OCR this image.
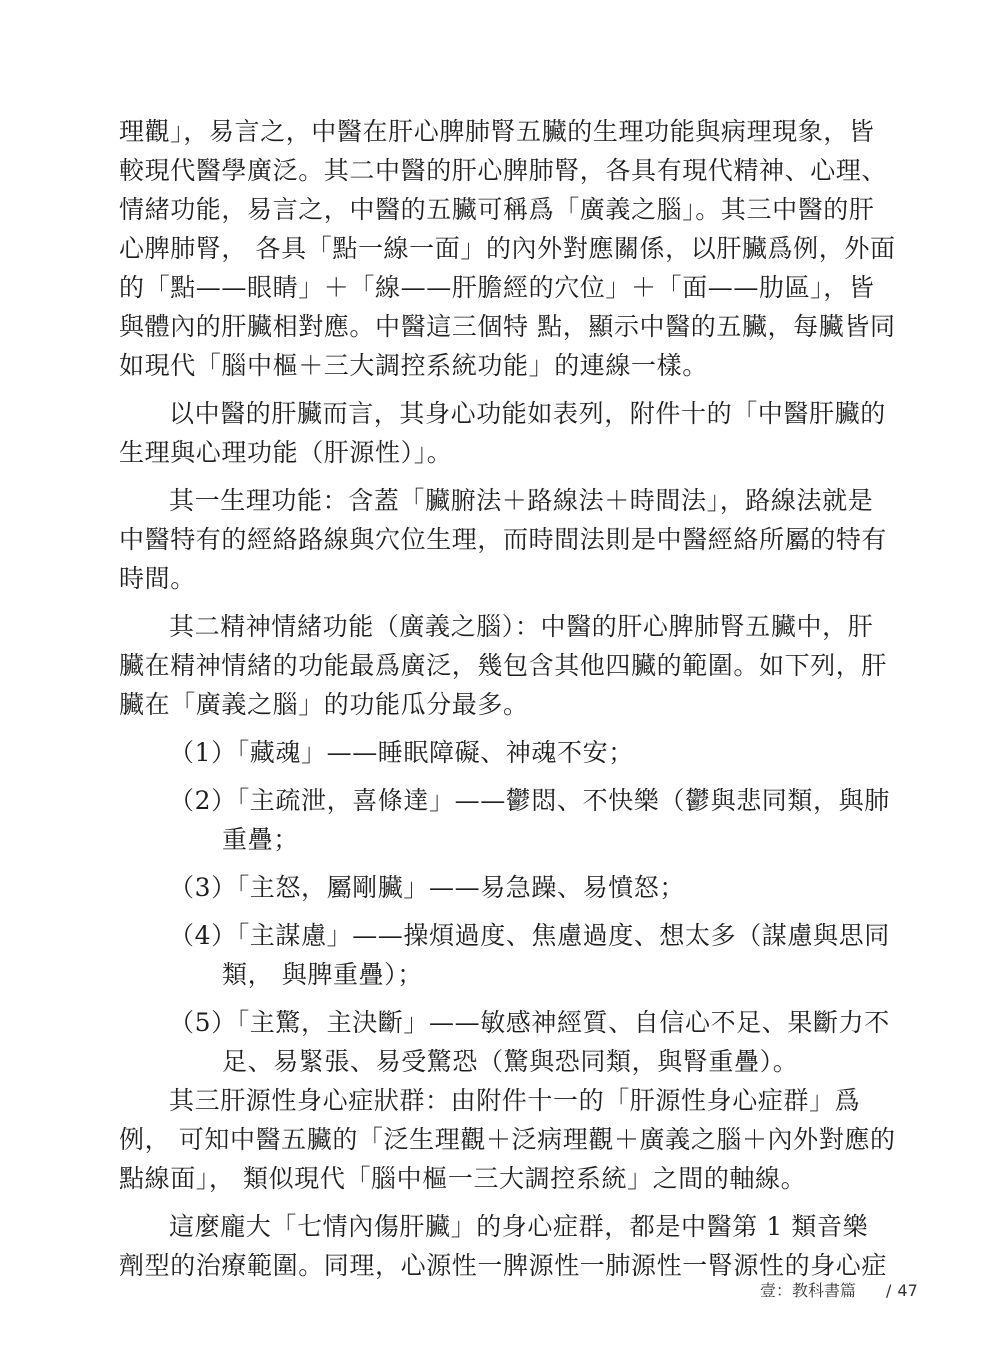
理觀」，易言之，中醫在肝心脾肺腎五臟的生理功能與病理現象，皆
較現代醫學廣泛。其二中醫的肝心脾肺腎，各具有現代精神、心理、
情緒功能，易言之，中醫的五臟可稱爲「廣義之腦」。其三中醫的肝
心脾肺腎， 各具「點一線一面」的內外對應關係，以肝臟爲例，外面
的「點——眼睛」＋「線——肝膽經的穴位」＋「面——肋區」，皆
與體內的肝臟相對應。中醫這三個特 點，顯示中醫的五臟，每臟皆同
如現代「腦中樞＋三大調控系統功能」的連線一樣。
以中醫的肝臟而言，其身心功能如表列，附件十的「中醫肝臟的
生理與心理功能（肝源性）」。
其一生理功能：含蓋「臟腑法＋路線法＋時間法」，路線法就是
中醫特有的經絡路線與穴位生理，而時間法則是中醫經絡所屬的特有
時間。
其二精神情緒功能（廣義之腦）：中醫的肝心脾肺腎五臟中，肝
臟在精神情緒的功能最爲廣泛，幾包含其他四臟的範圍。如下列，肝
臟在「廣義之腦」的功能瓜分最多。
（1）「藏魂」——睡眠障礙、神魂不安；
（2）「主疏泄，喜條達」——鬱悶、不快樂（鬱與悲同類，與肺
重疊；
（3）「主怒，屬剛臟」——易急躁、易憤怒；
（4）「主謀慮」——操煩過度、焦慮過度、想太多（謀慮與思同
類， 與脾重疊）；
（5）「主驚，主決斷」——敏感神經質、自信心不足、果斷力不
足、易緊張、易受驚恐（驚與恐同類，與腎重疊）。
其三肝源性身心症狀群：由附件十一的「肝源性身心症群」爲
例， 可知中醫五臟的「泛生理觀＋泛病理觀＋廣義之腦＋內外對應的
點線面」， 類似現代「腦中樞一三大調控系統」之間的軸線。
這麼龐大「七情內傷肝臟」的身心症群，都是中醫第 1 類音樂
劑型的治療範圍。同理，心源性一脾源性一肺源性一腎源性的身心症
壹：教科書篇 / 47
